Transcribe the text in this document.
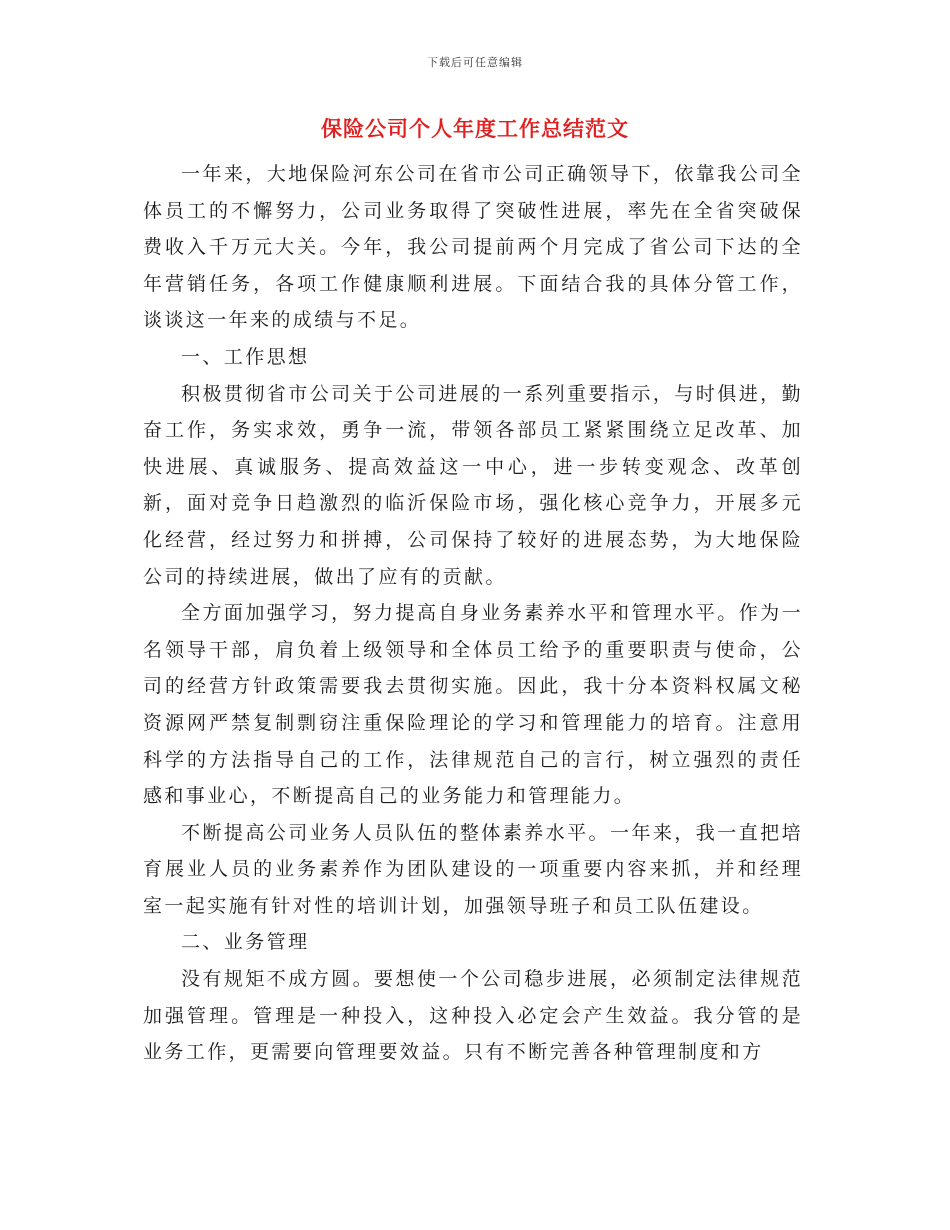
下载后可任意编辑
保险公司个人年度工作总结范文

一年来，大地保险河东公司在省市公司正确领导下，依靠我公司全体员工的不懈努力，公司业务取得了突破性进展，率先在全省突破保费收入千万元大关。今年，我公司提前两个月完成了省公司下达的全年营销任务，各项工作健康顺利进展。下面结合我的具体分管工作，谈谈这一年来的成绩与不足。

一、工作思想

积极贯彻省市公司关于公司进展的一系列重要指示，与时俱进，勤奋工作，务实求效，勇争一流，带领各部员工紧紧围绕立足改革、加快进展、真诚服务、提高效益这一中心，进一步转变观念、改革创新，面对竞争日趋激烈的临沂保险市场，强化核心竞争力，开展多元化经营，经过努力和拼搏，公司保持了较好的进展态势，为大地保险公司的持续进展，做出了应有的贡献。

全方面加强学习，努力提高自身业务素养水平和管理水平。作为一名领导干部，肩负着上级领导和全体员工给予的重要职责与使命，公司的经营方针政策需要我去贯彻实施。因此，我十分本资料权属文秘资源网严禁复制剽窃注重保险理论的学习和管理能力的培育。注意用科学的方法指导自己的工作，法律规范自己的言行，树立强烈的责任感和事业心，不断提高自己的业务能力和管理能力。

不断提高公司业务人员队伍的整体素养水平。一年来，我一直把培育展业人员的业务素养作为团队建设的一项重要内容来抓，并和经理室一起实施有针对性的培训计划，加强领导班子和员工队伍建设。

二、业务管理

没有规矩不成方圆。要想使一个公司稳步进展，必须制定法律规范加强管理。管理是一种投入，这种投入必定会产生效益。我分管的是业务工作，更需要向管理要效益。只有不断完善各种管理制度和方
